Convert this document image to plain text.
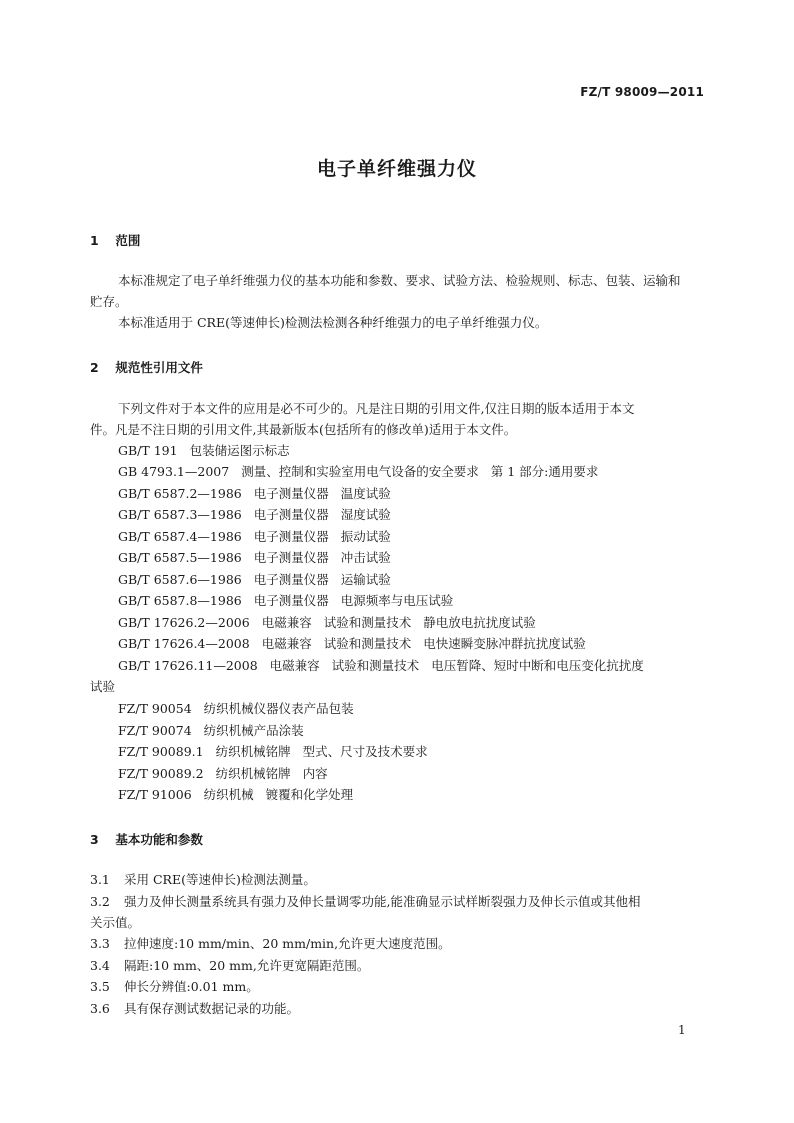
FZ/T 98009—2011
电子单纤维强力仪
1 范围
本标准规定了电子单纤维强力仪的基本功能和参数、要求、试验方法、检验规则、标志、包装、运输和
贮存。
本标准适用于 CRE(等速伸长)检测法检测各种纤维强力的电子单纤维强力仪。
2 规范性引用文件
下列文件对于本文件的应用是必不可少的。凡是注日期的引用文件,仅注日期的版本适用于本文
件。凡是不注日期的引用文件,其最新版本(包括所有的修改单)适用于本文件。
GB/T 191 包装储运图示标志
GB 4793.1—2007 测量、控制和实验室用电气设备的安全要求 第 1 部分:通用要求
GB/T 6587.2—1986 电子测量仪器 温度试验
GB/T 6587.3—1986 电子测量仪器 湿度试验
GB/T 6587.4—1986 电子测量仪器 振动试验
GB/T 6587.5—1986 电子测量仪器 冲击试验
GB/T 6587.6—1986 电子测量仪器 运输试验
GB/T 6587.8—1986 电子测量仪器 电源频率与电压试验
GB/T 17626.2—2006 电磁兼容 试验和测量技术 静电放电抗扰度试验
GB/T 17626.4—2008 电磁兼容 试验和测量技术 电快速瞬变脉冲群抗扰度试验
GB/T 17626.11—2008 电磁兼容 试验和测量技术 电压暂降、短时中断和电压变化抗扰度
试验
FZ/T 90054 纺织机械仪器仪表产品包装
FZ/T 90074 纺织机械产品涂装
FZ/T 90089.1 纺织机械铭牌 型式、尺寸及技术要求
FZ/T 90089.2 纺织机械铭牌 内容
FZ/T 91006 纺织机械 镀覆和化学处理
3 基本功能和参数
3.1 采用 CRE(等速伸长)检测法测量。
3.2 强力及伸长测量系统具有强力及伸长量调零功能,能准确显示试样断裂强力及伸长示值或其他相
关示值。
3.3 拉伸速度:10 mm/min、20 mm/min,允许更大速度范围。
3.4 隔距:10 mm、20 mm,允许更宽隔距范围。
3.5 伸长分辨值:0.01 mm。
3.6 具有保存测试数据记录的功能。
1
